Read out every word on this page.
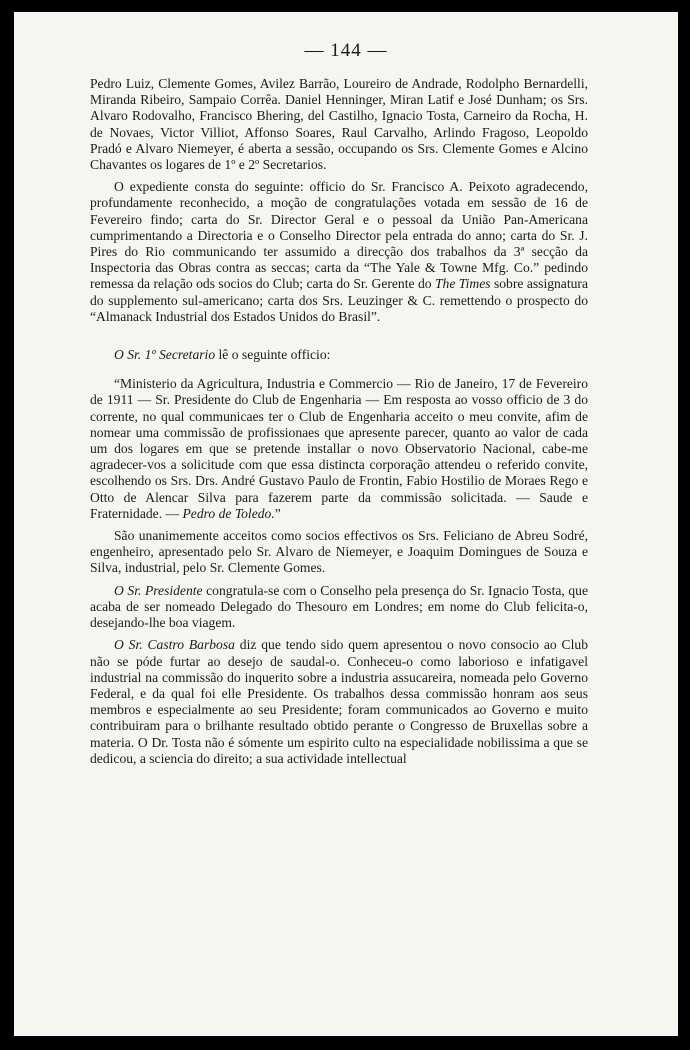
— 144 —

Pedro Luiz, Clemente Gomes, Avilez Barrão, Loureiro de Andrade, Rodolpho Bernardelli, Miranda Ribeiro, Sampaio Corrêa. Daniel Henninger, Miran Latif e José Dunham; os Srs. Alvaro Rodovalho, Francisco Bhering, del Castilho, Ignacio Tosta, Carneiro da Rocha, H. de Novaes, Victor Villiot, Affonso Soares, Raul Carvalho, Arlindo Fragoso, Leopoldo Pradó e Alvaro Niemeyer, é aberta a sessão, occupando os Srs. Clemente Gomes e Alcino Chavantes os logares de 1º e 2º Secretarios.

O expediente consta do seguinte: officio do Sr. Francisco A. Peixoto agradecendo, profundamente reconhecido, a moção de congratulações votada em sessão de 16 de Fevereiro findo; carta do Sr. Director Geral e o pessoal da União Pan-Americana cumprimentando a Directoria e o Conselho Director pela entrada do anno; carta do Sr. J. Pires do Rio communicando ter assumido a direcção dos trabalhos da 3ª secção da Inspectoria das Obras contra as seccas; carta da “The Yale & Towne Mfg. Co.” pedindo remessa da relação ods socios do Club; carta do Sr. Gerente do The Times sobre assignatura do supplemento sul-americano; carta dos Srs. Leuzinger & C. remettendo o prospecto do “Almanack Industrial dos Estados Unidos do Brasil”.

O Sr. 1º Secretario lê o seguinte officio:

“Ministerio da Agricultura, Industria e Commercio — Rio de Janeiro, 17 de Fevereiro de 1911 — Sr. Presidente do Club de Engenharia — Em resposta ao vosso officio de 3 do corrente, no qual communicaes ter o Club de Engenharia acceito o meu convite, afim de nomear uma commissão de profissionaes que apresente parecer, quanto ao valor de cada um dos logares em que se pretende installar o novo Observatorio Nacional, cabe-me agradecer-vos a solicitude com que essa distincta corporação attendeu o referido convite, escolhendo os Srs. Drs. André Gustavo Paulo de Frontin, Fabio Hostilio de Moraes Rego e Otto de Alencar Silva para fazerem parte da commissão solicitada. — Saude e Fraternidade. — Pedro de Toledo.”

São unanimemente acceitos como socios effectivos os Srs. Feliciano de Abreu Sodré, engenheiro, apresentado pelo Sr. Alvaro de Niemeyer, e Joaquim Domingues de Souza e Silva, industrial, pelo Sr. Clemente Gomes.

O Sr. Presidente congratula-se com o Conselho pela presença do Sr. Ignacio Tosta, que acaba de ser nomeado Delegado do Thesouro em Londres; em nome do Club felicita-o, desejando-lhe boa viagem.

O Sr. Castro Barbosa diz que tendo sido quem apresentou o novo consocio ao Club não se póde furtar ao desejo de saudal-o. Conheceu-o como laborioso e infatigavel industrial na commissão do inquerito sobre a industria assucareira, nomeada pelo Governo Federal, e da qual foi elle Presidente. Os trabalhos dessa commissão honram aos seus membros e especialmente ao seu Presidente; foram communicados ao Governo e muito contribuiram para o brilhante resultado obtido perante o Congresso de Bruxellas sobre a materia. O Dr. Tosta não é sómente um espirito culto na especialidade nobilissima a que se dedicou, a sciencia do direito; a sua actividade intellectual
